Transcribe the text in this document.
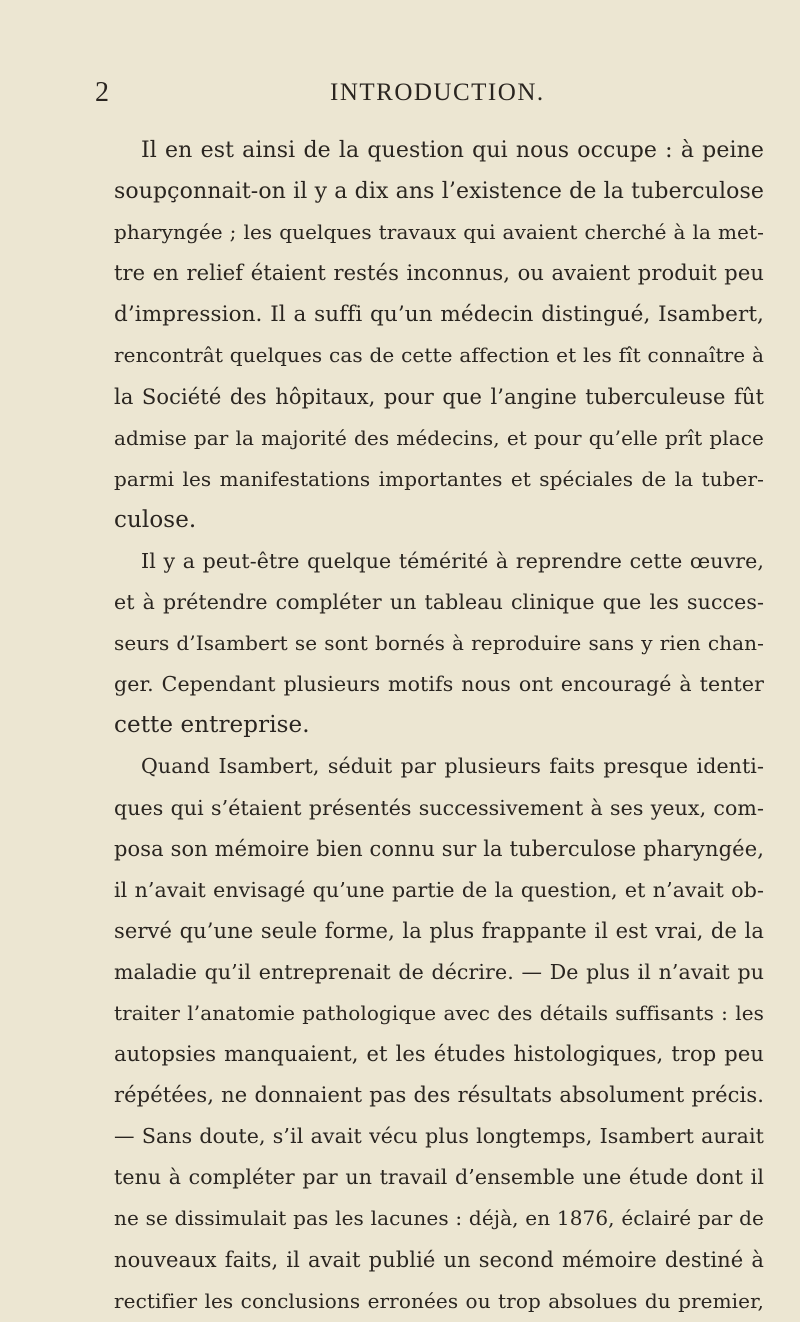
2	INTRODUCTION.
Il en est ainsi de la question qui nous occupe : à peine
soupçonnait-on il y a dix ans l’existence de la tuberculose
pharyngée ; les quelques travaux qui avaient cherché à la met-
tre en relief étaient restés inconnus, ou avaient produit peu
d’impression. Il a suffi qu’un médecin distingué, Isambert,
rencontrât quelques cas de cette affection et les fît connaître à
la Société des hôpitaux, pour que l’angine tuberculeuse fût
admise par la majorité des médecins, et pour qu’elle prît place
parmi les manifestations importantes et spéciales de la tuber-
culose.
Il y a peut-être quelque témérité à reprendre cette œuvre,
et à prétendre compléter un tableau clinique que les succes-
seurs d’Isambert se sont bornés à reproduire sans y rien chan-
ger. Cependant plusieurs motifs nous ont encouragé à tenter
cette entreprise.
Quand Isambert, séduit par plusieurs faits presque identi-
ques qui s’étaient présentés successivement à ses yeux, com-
posa son mémoire bien connu sur la tuberculose pharyngée,
il n’avait envisagé qu’une partie de la question, et n’avait ob-
servé qu’une seule forme, la plus frappante il est vrai, de la
maladie qu’il entreprenait de décrire. — De plus il n’avait pu
traiter l’anatomie pathologique avec des détails suffisants : les
autopsies manquaient, et les études histologiques, trop peu
répétées, ne donnaient pas des résultats absolument précis.
— Sans doute, s’il avait vécu plus longtemps, Isambert aurait
tenu à compléter par un travail d’ensemble une étude dont il
ne se dissimulait pas les lacunes : déjà, en 1876, éclairé par de
nouveaux faits, il avait publié un second mémoire destiné à
rectifier les conclusions erronées ou trop absolues du premier,
